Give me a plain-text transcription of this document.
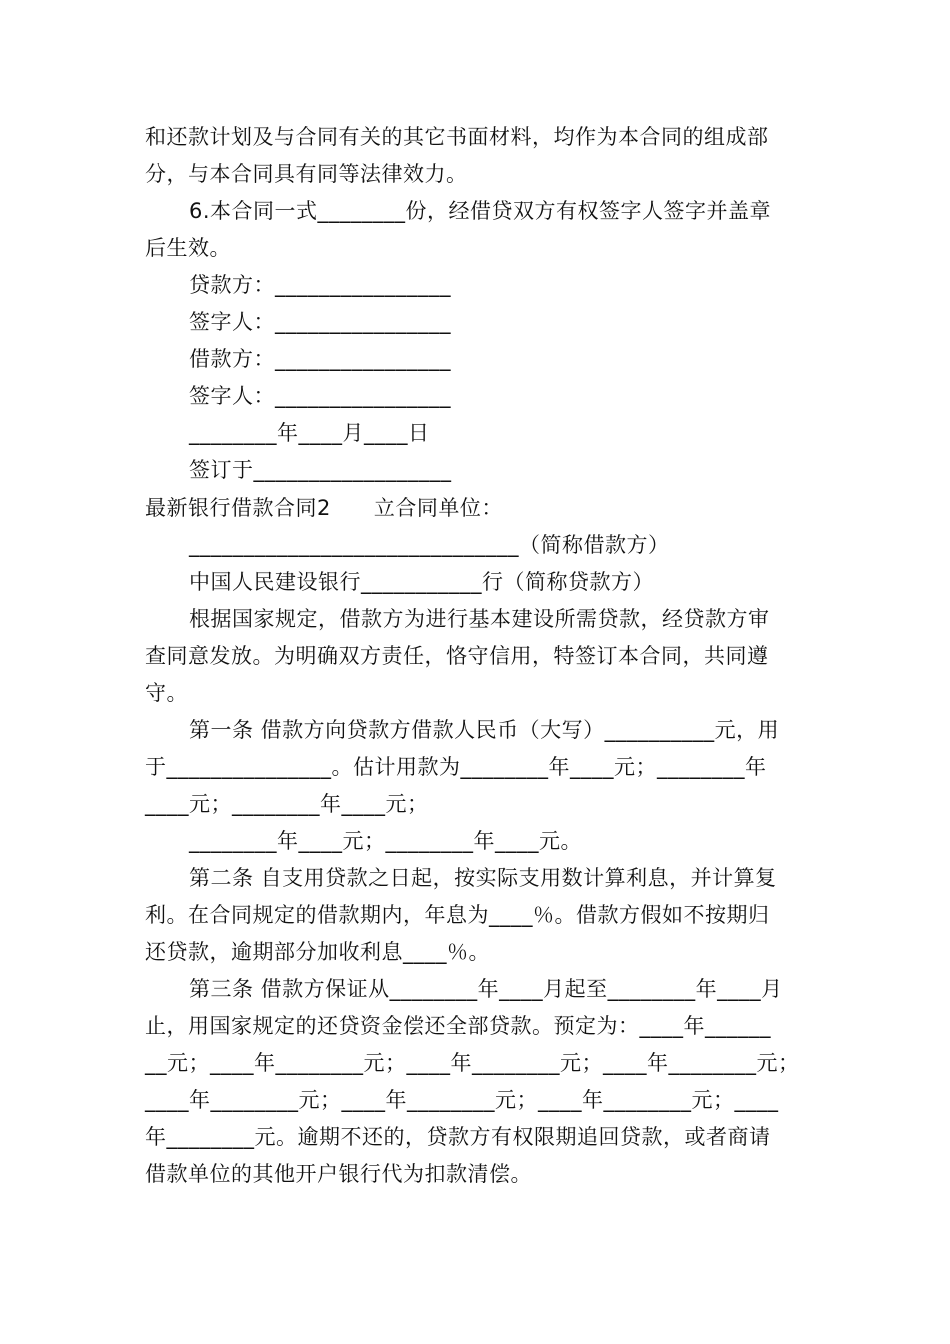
和还款计划及与合同有关的其它书面材料，均作为本合同的组成部
分，与本合同具有同等法律效力。
6.本合同一式________份，经借贷双方有权签字人签字并盖章
后生效。
贷款方：________________
签字人：________________
借款方：________________
签字人：________________
________年____月____日
签订于__________________
最新银行借款合同2　　立合同单位：
______________________________（简称借款方）
中国人民建设银行___________行（简称贷款方）
根据国家规定，借款方为进行基本建设所需贷款，经贷款方审
查同意发放。为明确双方责任，恪守信用，特签订本合同，共同遵
守。
第一条 借款方向贷款方借款人民币（大写）__________元，用
于_______________。估计用款为________年____元；________年
____元；________年____元；
________年____元；________年____元。
第二条 自支用贷款之日起，按实际支用数计算利息，并计算复
利。在合同规定的借款期内，年息为____％。借款方假如不按期归
还贷款，逾期部分加收利息____％。
第三条 借款方保证从________年____月起至________年____月
止，用国家规定的还贷资金偿还全部贷款。预定为：____年______
__元；____年________元；____年________元；____年________元；
____年________元；____年________元；____年________元；____
年________元。逾期不还的，贷款方有权限期追回贷款，或者商请
借款单位的其他开户银行代为扣款清偿。
